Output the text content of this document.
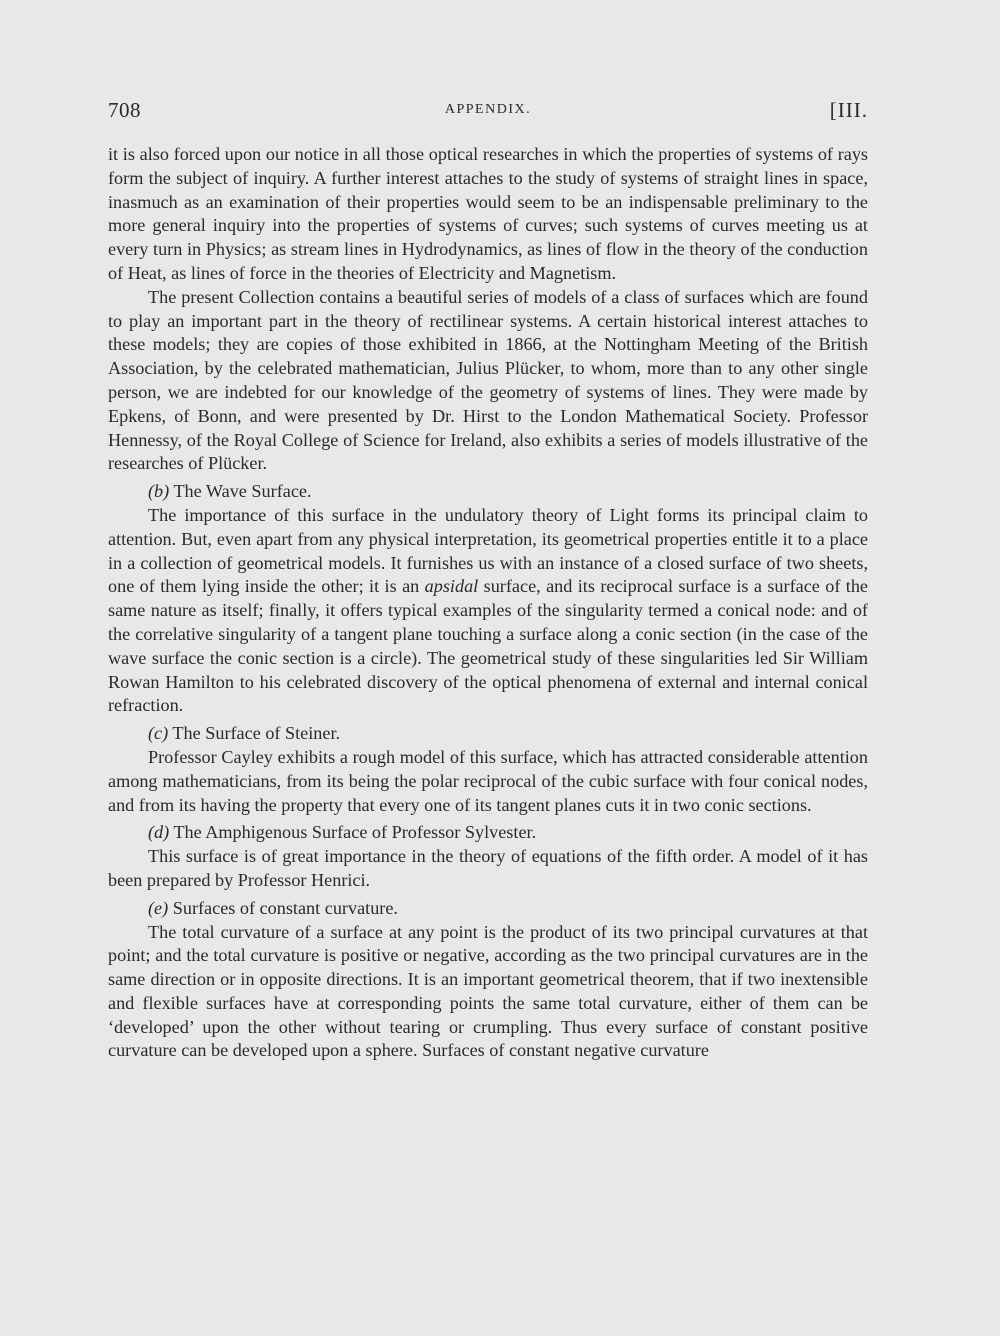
708	APPENDIX.	[III.

it is also forced upon our notice in all those optical researches in which the properties of systems of rays form the subject of inquiry. A further interest attaches to the study of systems of straight lines in space, inasmuch as an examination of their properties would seem to be an indispensable preliminary to the more general inquiry into the properties of systems of curves; such systems of curves meeting us at every turn in Physics; as stream lines in Hydrodynamics, as lines of flow in the theory of the conduction of Heat, as lines of force in the theories of Electricity and Magnetism.

The present Collection contains a beautiful series of models of a class of surfaces which are found to play an important part in the theory of rectilinear systems. A certain historical interest attaches to these models; they are copies of those exhibited in 1866, at the Nottingham Meeting of the British Association, by the celebrated mathematician, Julius Plücker, to whom, more than to any other single person, we are indebted for our knowledge of the geometry of systems of lines. They were made by Epkens, of Bonn, and were presented by Dr. Hirst to the London Mathematical Society. Professor Hennessy, of the Royal College of Science for Ireland, also exhibits a series of models illustrative of the researches of Plücker.

(b) The Wave Surface.

The importance of this surface in the undulatory theory of Light forms its principal claim to attention. But, even apart from any physical interpretation, its geometrical properties entitle it to a place in a collection of geometrical models. It furnishes us with an instance of a closed surface of two sheets, one of them lying inside the other; it is an apsidal surface, and its reciprocal surface is a surface of the same nature as itself; finally, it offers typical examples of the singularity termed a conical node: and of the correlative singularity of a tangent plane touching a surface along a conic section (in the case of the wave surface the conic section is a circle). The geometrical study of these singularities led Sir William Rowan Hamilton to his celebrated discovery of the optical phenomena of external and internal conical refraction.

(c) The Surface of Steiner.

Professor Cayley exhibits a rough model of this surface, which has attracted considerable attention among mathematicians, from its being the polar reciprocal of the cubic surface with four conical nodes, and from its having the property that every one of its tangent planes cuts it in two conic sections.

(d) The Amphigenous Surface of Professor Sylvester.

This surface is of great importance in the theory of equations of the fifth order. A model of it has been prepared by Professor Henrici.

(e) Surfaces of constant curvature.

The total curvature of a surface at any point is the product of its two principal curvatures at that point; and the total curvature is positive or negative, according as the two principal curvatures are in the same direction or in opposite directions. It is an important geometrical theorem, that if two inextensible and flexible surfaces have at corresponding points the same total curvature, either of them can be ‘developed’ upon the other without tearing or crumpling. Thus every surface of constant positive curvature can be developed upon a sphere. Surfaces of constant negative curvature
